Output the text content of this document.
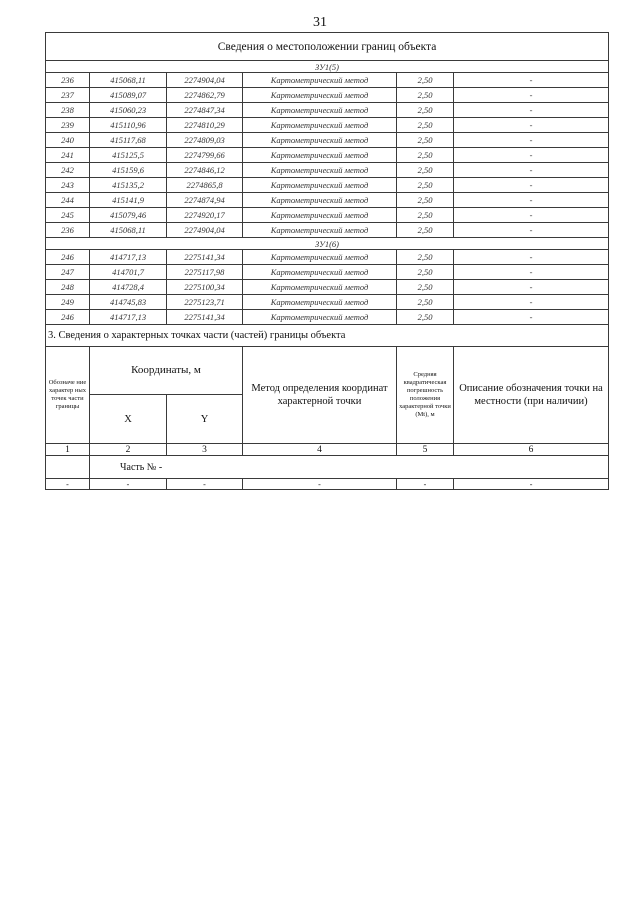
31
Сведения о местоположении границ объекта					
ЗУ1(5)					
236	415068,11	2274904,04	Картометрический метод	2,50	-
237	415089,07	2274862,79	Картометрический метод	2,50	-
238	415060,23	2274847,34	Картометрический метод	2,50	-
239	415110,96	2274810,29	Картометрический метод	2,50	-
240	415117,68	2274809,03	Картометрический метод	2,50	-
241	415125,5	2274799,66	Картометрический метод	2,50	-
242	415159,6	2274846,12	Картометрический метод	2,50	-
243	415135,2	2274865,8	Картометрический метод	2,50	-
244	415141,9	2274874,94	Картометрический метод	2,50	-
245	415079,46	2274920,17	Картометрический метод	2,50	-
236	415068,11	2274904,04	Картометрический метод	2,50	-
ЗУ1(6)					
246	414717,13	2275141,34	Картометрический метод	2,50	-
247	414701,7	2275117,98	Картометрический метод	2,50	-
248	414728,4	2275100,34	Картометрический метод	2,50	-
249	414745,83	2275123,71	Картометрический метод	2,50	-
246	414717,13	2275141,34	Картометрический метод	2,50	-
3. Сведения о характерных точках части (частей) границы объекта					
Обозначе ние характер ных точек части границы	Координаты, м		Метод определения координат характерной точки	Средняя квадратическая погрешность положения характерной точки (Mt), м	Описание обозначения точки на местности (при наличии)
	X	Y			
1	2	3	4	5	6
	Часть № -				
-	-	-	-	-	-
